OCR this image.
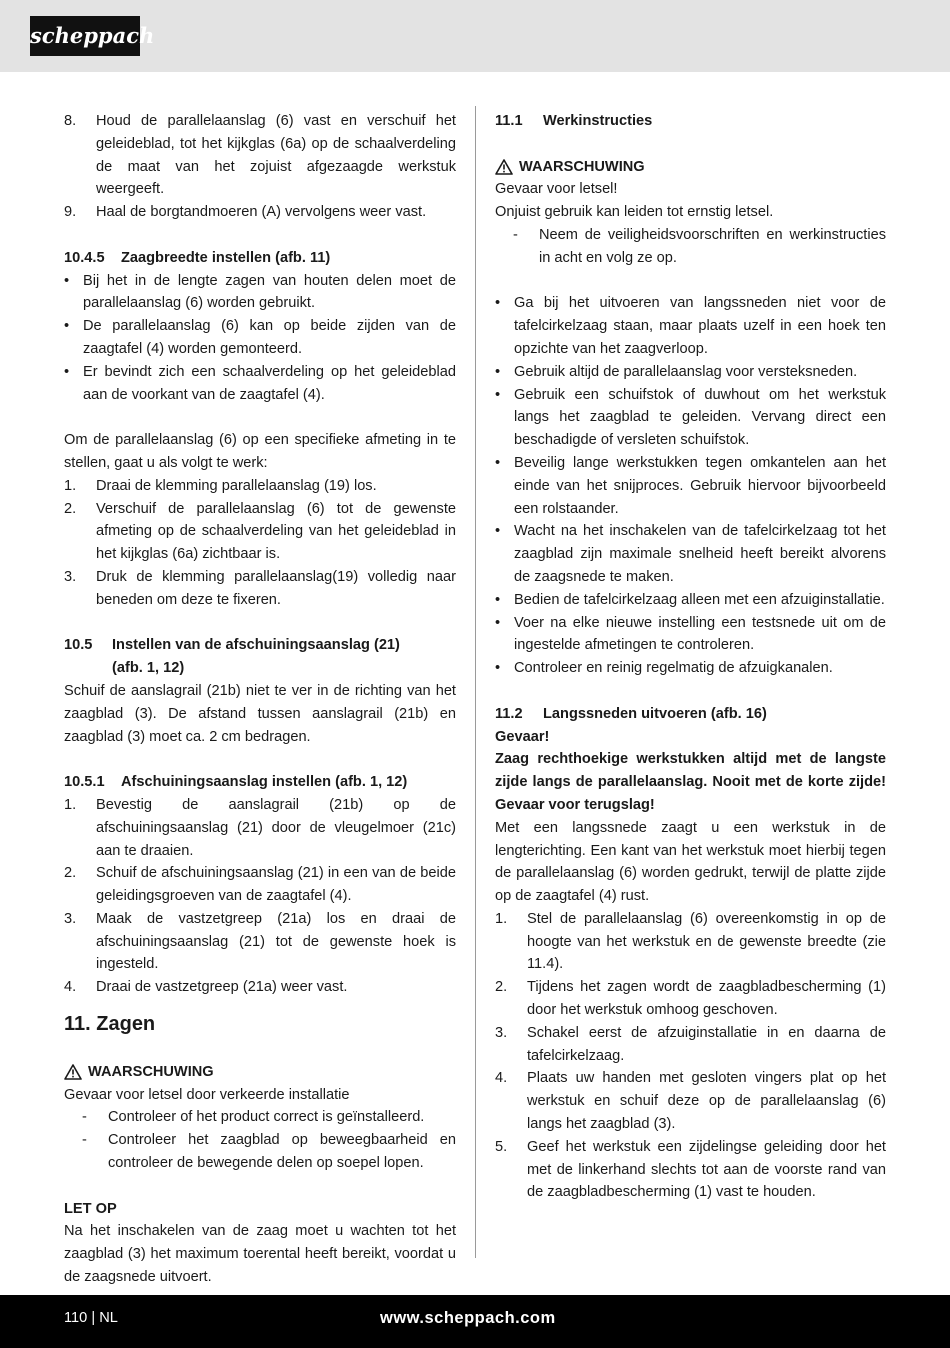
scheppach
8. Houd de parallelaanslag (6) vast en verschuif het geleideblad, tot het kijkglas (6a) op de schaalverdeling de maat van het zojuist afgezaagde werkstuk weergeeft.
9. Haal de borgtandmoeren (A) vervolgens weer vast.

10.4.5 Zaagbreedte instellen (afb. 11)

• Bij het in de lengte zagen van houten delen moet de parallelaanslag (6) worden gebruikt.
• De parallelaanslag (6) kan op beide zijden van de zaagtafel (4) worden gemonteerd.
• Er bevindt zich een schaalverdeling op het geleideblad aan de voorkant van de zaagtafel (4).

Om de parallelaanslag (6) op een specifieke afmeting in te stellen, gaat u als volgt te werk:

1. Draai de klemming parallelaanslag (19) los.
2. Verschuif de parallelaanslag (6) tot de gewenste afmeting op de schaalverdeling van het geleideblad in het kijkglas (6a) zichtbaar is.
3. Druk de klemming parallelaanslag(19) volledig naar beneden om deze te fixeren.

10.5 Instellen van de afschuiningsaanslag (21)

(afb. 1, 12)

Schuif de aanslagrail (21b) niet te ver in de richting van het zaagblad (3). De afstand tussen aanslagrail (21b) en zaagblad (3) moet ca. 2 cm bedragen.

10.5.1 Afschuiningsaanslag instellen (afb. 1, 12)

1. Bevestig de aanslagrail (21b) op de afschuiningsaanslag (21) door de vleugelmoer (21c) aan te draaien.
2. Schuif de afschuiningsaanslag (21) in een van de beide geleidingsgroeven van de zaagtafel (4).
3. Maak de vastzetgreep (21a) los en draai de afschuiningsaanslag (21) tot de gewenste hoek is ingesteld.
4. Draai de vastzetgreep (21a) weer vast.

11. Zagen

WAARSCHUWING

Gevaar voor letsel door verkeerde installatie

- Controleer of het product correct is geïnstalleerd.
- Controleer het zaagblad op beweegbaarheid en controleer de bewegende delen op soepel lopen.

LET OP

Na het inschakelen van de zaag moet u wachten tot het zaagblad (3) het maximum toerental heeft bereikt, voordat u de zaagsnede uitvoert.

11.1 Werkinstructies

WAARSCHUWING

Gevaar voor letsel!

Onjuist gebruik kan leiden tot ernstig letsel.

- Neem de veiligheidsvoorschriften en werkinstructies in acht en volg ze op.
• Ga bij het uitvoeren van langssneden niet voor de tafelcirkelzaag staan, maar plaats uzelf in een hoek ten opzichte van het zaagverloop.
• Gebruik altijd de parallelaanslag voor versteksneden.
• Gebruik een schuifstok of duwhout om het werkstuk langs het zaagblad te geleiden. Vervang direct een beschadigde of versleten schuifstok.
• Beveilig lange werkstukken tegen omkantelen aan het einde van het snijproces. Gebruik hiervoor bijvoorbeeld een rolstaander.
• Wacht na het inschakelen van de tafelcirkelzaag tot het zaagblad zijn maximale snelheid heeft bereikt alvorens de zaagsnede te maken.
• Bedien de tafelcirkelzaag alleen met een afzuiginstallatie.
• Voer na elke nieuwe instelling een testsnede uit om de ingestelde afmetingen te controleren.
• Controleer en reinig regelmatig de afzuigkanalen.

11.2 Langssneden uitvoeren (afb. 16)

Gevaar!

Zaag rechthoekige werkstukken altijd met de langste zijde langs de parallelaanslag. Nooit met de korte zijde! Gevaar voor terugslag!

Met een langssnede zaagt u een werkstuk in de lengterichting. Een kant van het werkstuk moet hierbij tegen de parallelaanslag (6) worden gedrukt, terwijl de platte zijde op de zaagtafel (4) rust.

1. Stel de parallelaanslag (6) overeenkomstig in op de hoogte van het werkstuk en de gewenste breedte (zie 11.4).
2. Tijdens het zagen wordt de zaagbladbescherming (1) door het werkstuk omhoog geschoven.
3. Schakel eerst de afzuiginstallatie in en daarna de tafelcirkelzaag.
4. Plaats uw handen met gesloten vingers plat op het werkstuk en schuif deze op de parallelaanslag (6) langs het zaagblad (3).
5. Geef het werkstuk een zijdelingse geleiding door het met de linkerhand slechts tot aan de voorste rand van de zaagbladbescherming (1) vast te houden.
110 | NL	www.scheppach.com
